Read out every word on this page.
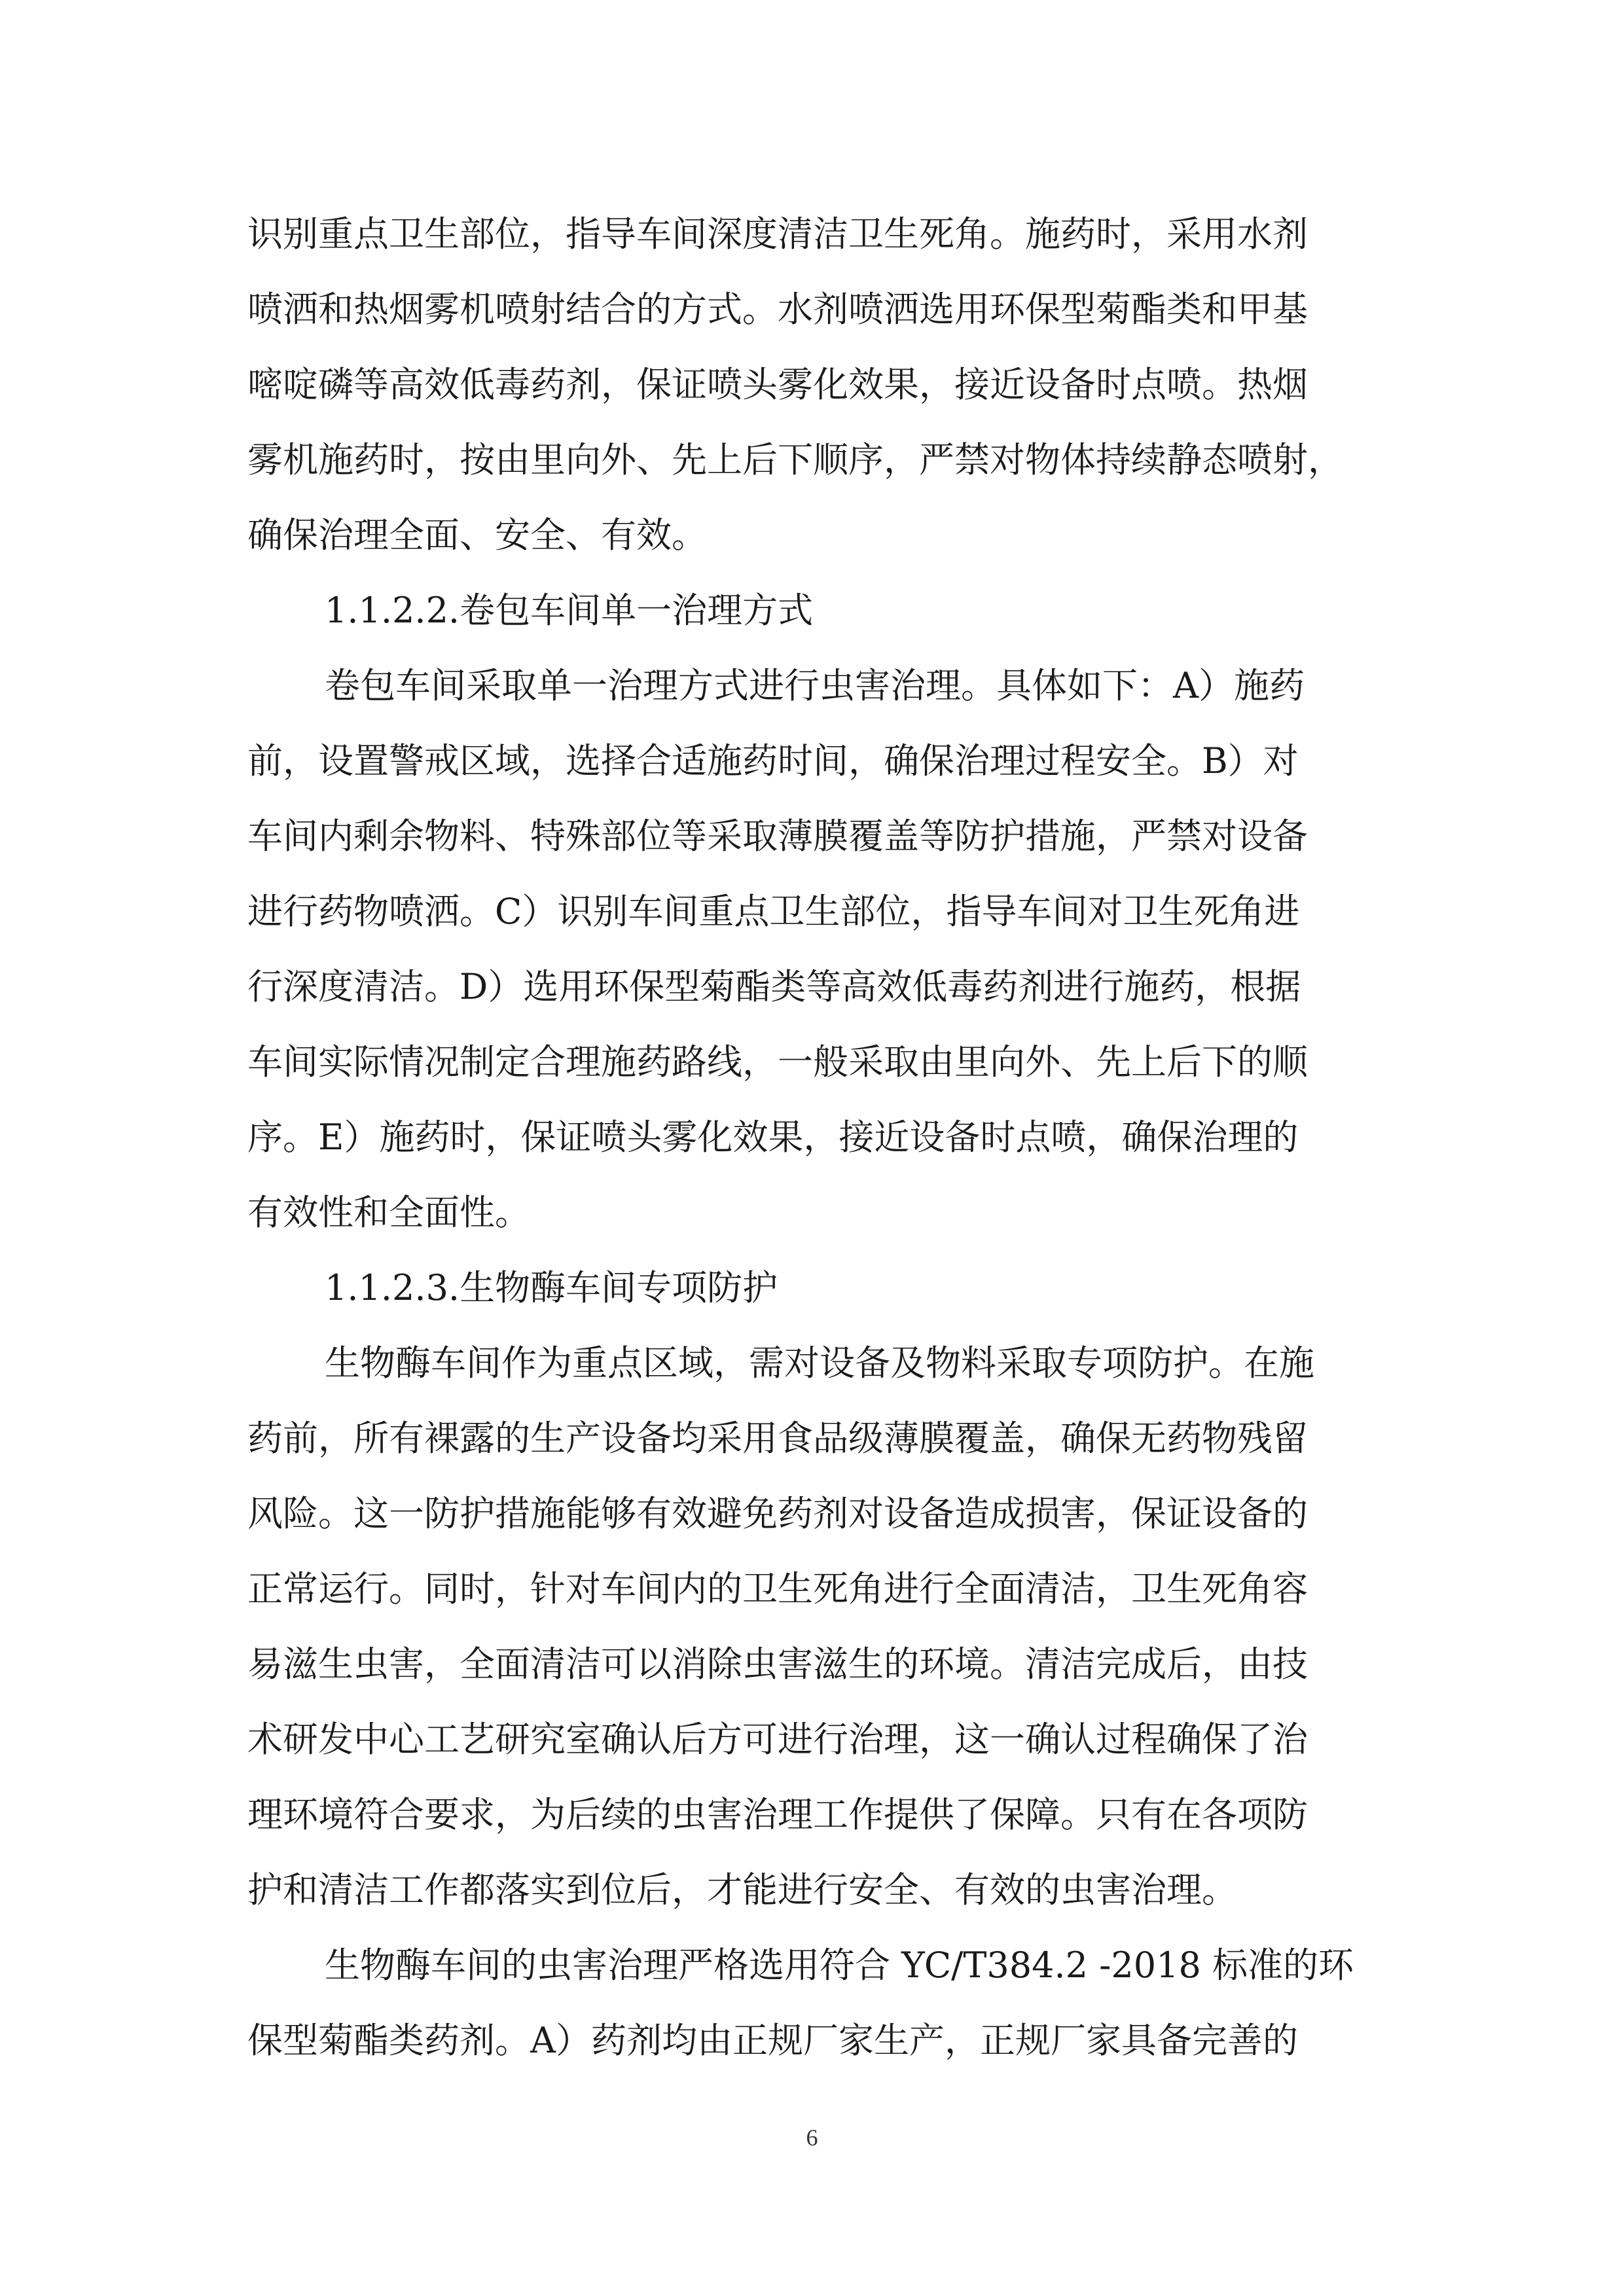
识别重点卫生部位，指导车间深度清洁卫生死角。施药时，采用水剂
喷洒和热烟雾机喷射结合的方式。水剂喷洒选用环保型菊酯类和甲基
嘧啶磷等高效低毒药剂，保证喷头雾化效果，接近设备时点喷。热烟
雾机施药时，按由里向外、先上后下顺序，严禁对物体持续静态喷射，
确保治理全面、安全、有效。
1.1.2.2.卷包车间单一治理方式
卷包车间采取单一治理方式进行虫害治理。具体如下：A）施药
前，设置警戒区域，选择合适施药时间，确保治理过程安全。B）对
车间内剩余物料、特殊部位等采取薄膜覆盖等防护措施，严禁对设备
进行药物喷洒。C）识别车间重点卫生部位，指导车间对卫生死角进
行深度清洁。D）选用环保型菊酯类等高效低毒药剂进行施药，根据
车间实际情况制定合理施药路线，一般采取由里向外、先上后下的顺
序。E）施药时，保证喷头雾化效果，接近设备时点喷，确保治理的
有效性和全面性。
1.1.2.3.生物酶车间专项防护
生物酶车间作为重点区域，需对设备及物料采取专项防护。在施
药前，所有裸露的生产设备均采用食品级薄膜覆盖，确保无药物残留
风险。这一防护措施能够有效避免药剂对设备造成损害，保证设备的
正常运行。同时，针对车间内的卫生死角进行全面清洁，卫生死角容
易滋生虫害，全面清洁可以消除虫害滋生的环境。清洁完成后，由技
术研发中心工艺研究室确认后方可进行治理，这一确认过程确保了治
理环境符合要求，为后续的虫害治理工作提供了保障。只有在各项防
护和清洁工作都落实到位后，才能进行安全、有效的虫害治理。
生物酶车间的虫害治理严格选用符合 YC/T384.2 -2018 标准的环
保型菊酯类药剂。A）药剂均由正规厂家生产，正规厂家具备完善的
6
